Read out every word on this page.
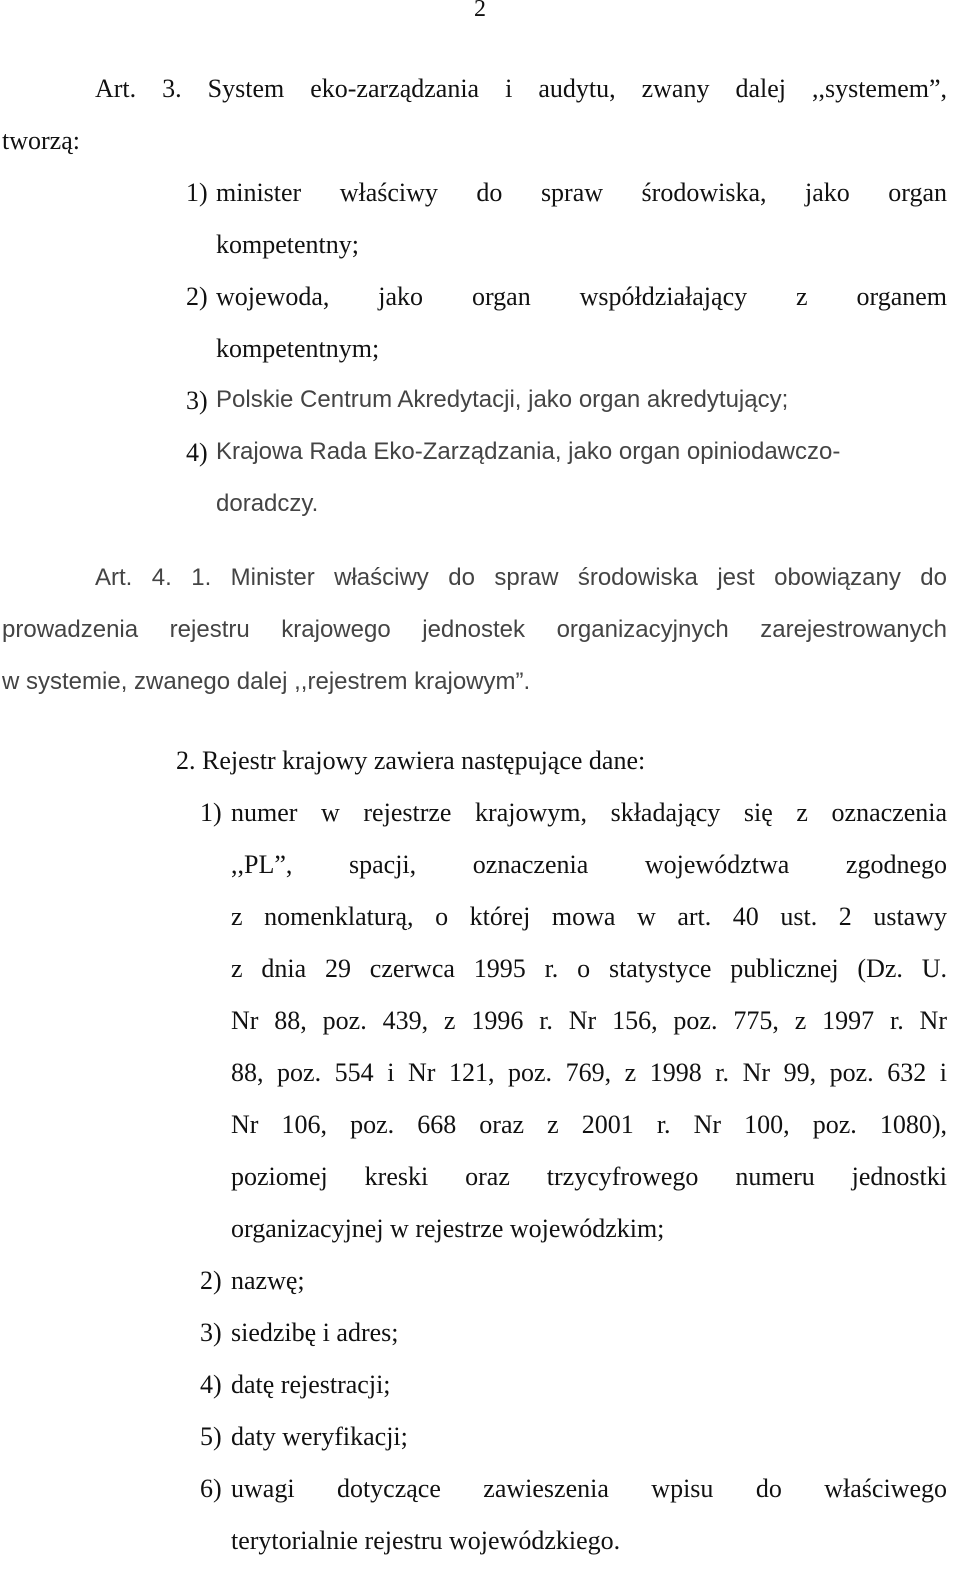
2
Art. 3. System eko-zarządzania i audytu, zwany dalej ,,systemem”,
tworzą:
1) minister właściwy do spraw środowiska, jako organ
kompetentny;
2) wojewoda, jako organ współdziałający z organem
kompetentnym;
3) Polskie Centrum Akredytacji, jako organ akredytujący;
4) Krajowa Rada Eko-Zarządzania, jako organ opiniodawczo-
doradczy.
Art. 4. 1. Minister właściwy do spraw środowiska jest obowiązany do
prowadzenia rejestru krajowego jednostek organizacyjnych zarejestrowanych
w systemie, zwanego dalej ,,rejestrem krajowym”.
2. Rejestr krajowy zawiera następujące dane:
1) numer w rejestrze krajowym, składający się z oznaczenia
,,PL”, spacji, oznaczenia województwa zgodnego
z nomenklaturą, o której mowa w art. 40 ust. 2 ustawy
z dnia 29 czerwca 1995 r. o statystyce publicznej (Dz. U.
Nr 88, poz. 439, z 1996 r. Nr 156, poz. 775, z 1997 r. Nr
88, poz. 554 i Nr 121, poz. 769, z 1998 r. Nr 99, poz. 632 i
Nr 106, poz. 668 oraz z 2001 r. Nr 100, poz. 1080),
poziomej kreski oraz trzycyfrowego numeru jednostki
organizacyjnej w rejestrze wojewódzkim;
2) nazwę;
3) siedzibę i adres;
4) datę rejestracji;
5) daty weryfikacji;
6) uwagi dotyczące zawieszenia wpisu do właściwego
terytorialnie rejestru wojewódzkiego.
